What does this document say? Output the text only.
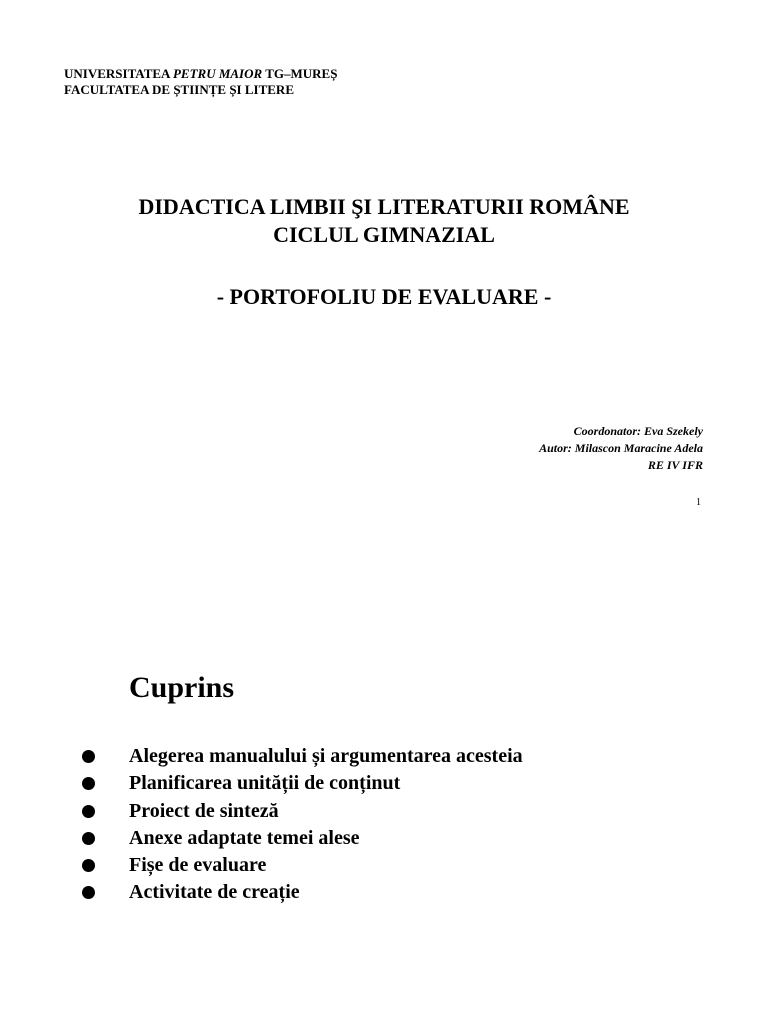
UNIVERSITATEA PETRU MAIOR TG–MUREȘ
FACULTATEA DE ȘTIINȚE ȘI LITERE
DIDACTICA LIMBII ŞI LITERATURII ROMÂNE
CICLUL GIMNAZIAL
- PORTOFOLIU DE EVALUARE -
Coordonator: Eva Szekely
Autor: Milascon Maracine Adela
RE IV IFR
1
Cuprins
Alegerea manualului și argumentarea acesteia
Planificarea unității de conținut
Proiect de sinteză
Anexe adaptate temei alese
Fișe de evaluare
Activitate de creație
